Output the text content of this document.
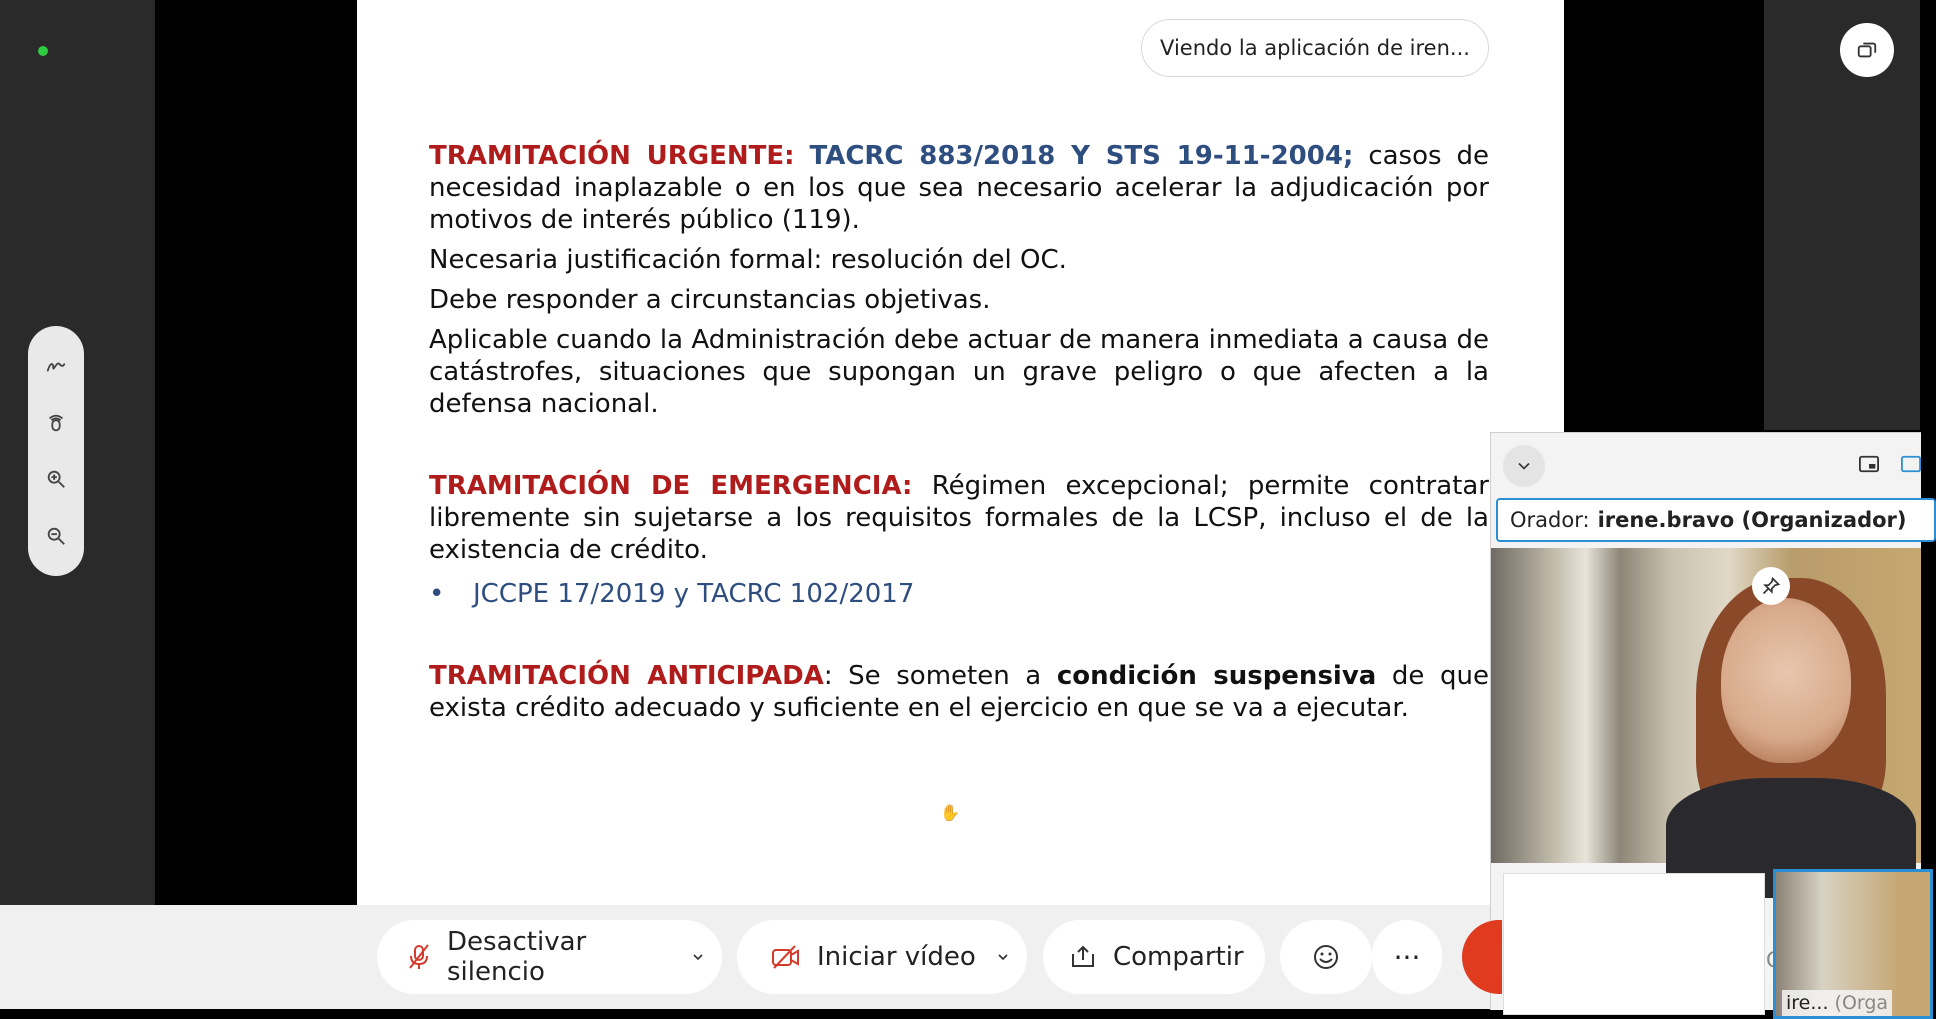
Viendo la aplicación de iren...

TRAMITACIÓN URGENTE: TACRC 883/2018 Y STS 19-11-2004; casos de necesidad inaplazable o en los que sea necesario acelerar la adjudicación por motivos de interés público (119).

Necesaria justificación formal: resolución del OC.

Debe responder a circunstancias objetivas.

Aplicable cuando la Administración debe actuar de manera inmediata a causa de catástrofes, situaciones que supongan un grave peligro o que afecten a la defensa nacional.

TRAMITACIÓN DE EMERGENCIA: Régimen excepcional; permite contratar libremente sin sujetarse a los requisitos formales de la LCSP, incluso el de la existencia de crédito.

•	JCCPE 17/2019 y TACRC 102/2017

TRAMITACIÓN ANTICIPADA: Se someten a condición suspensiva de que exista crédito adecuado y suficiente en el ejercicio en que se va a ejecutar.

✋
Orador: irene.bravo (Organizador)
ire... (Orga
Desactivar silencio	Iniciar vídeo	Compartir	···
